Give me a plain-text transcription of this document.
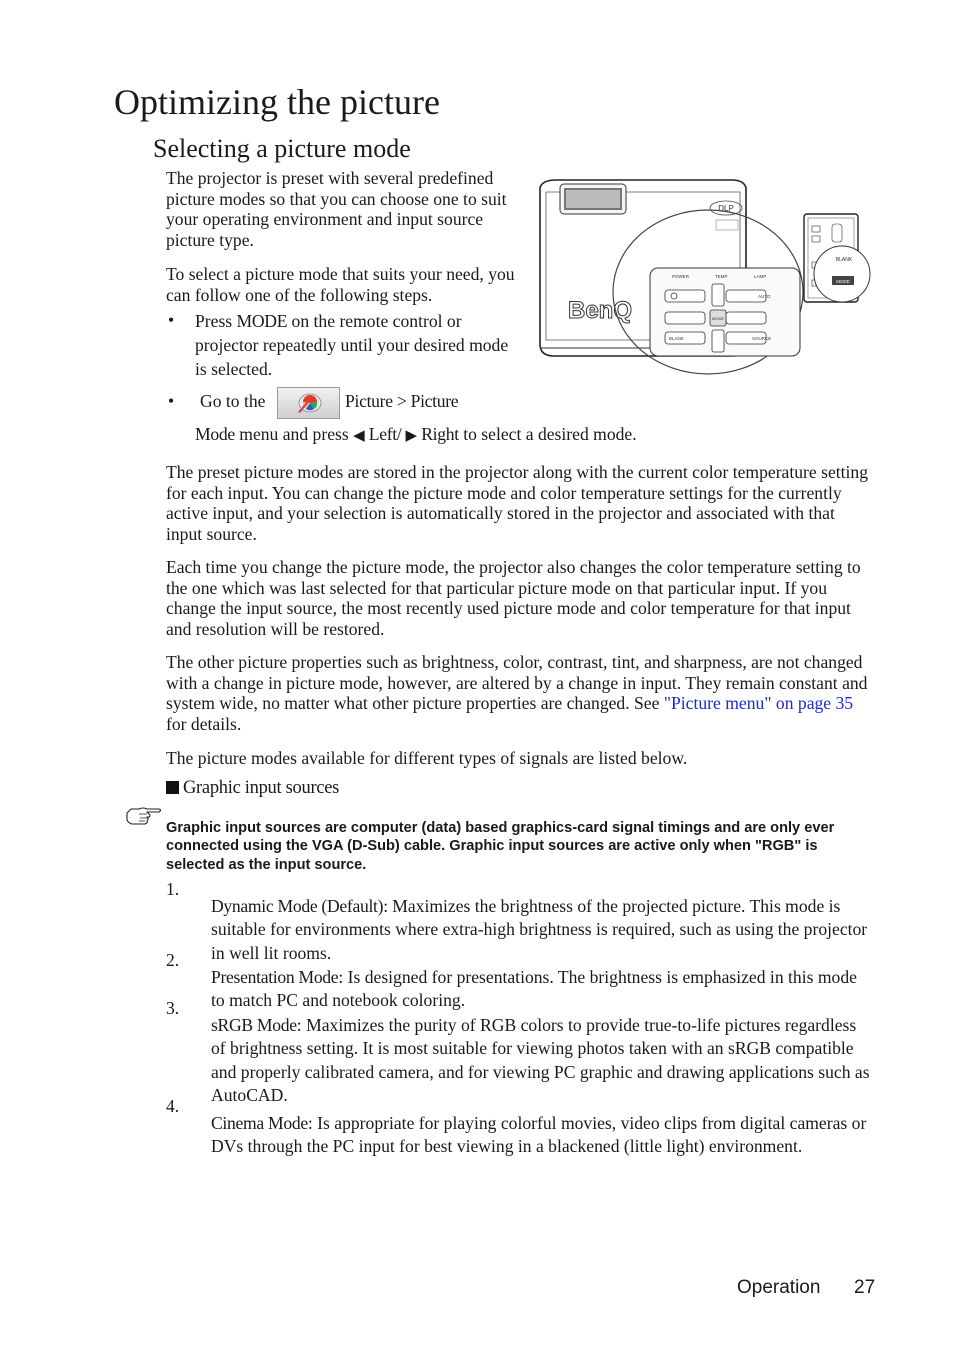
Optimizing the picture
Selecting a picture mode

The projector is preset with several predefined picture modes so that you can choose one to suit your operating environment and input source picture type.

To select a picture mode that suits your need, you can follow one of the following steps.

• Press MODE on the remote control or projector repeatedly until your desired mode is selected.

• Go to the	Picture > Picture

Mode menu and press ◀ Left/ ▶ Right to select a desired mode.

DLP
BenQ
POWER	TEMP	LAMP
AUTO
MODE
BLANK	SOURCE
BLANK
MODE

The preset picture modes are stored in the projector along with the current color temperature setting for each input. You can change the picture mode and color temperature settings for the currently active input, and your selection is automatically stored in the projector and associated with that input source.

Each time you change the picture mode, the projector also changes the color temperature setting to the one which was last selected for that particular picture mode on that particular input. If you change the input source, the most recently used picture mode and color temperature for that input and resolution will be restored.

The other picture properties such as brightness, color, contrast, tint, and sharpness, are not changed with a change in picture mode, however, are altered by a change in input. They remain constant and system wide, no matter what other picture properties are changed. See "Picture menu" on page 35 for details.

The picture modes available for different types of signals are listed below.

Graphic input sources

Graphic input sources are computer (data) based graphics-card signal timings and are only ever connected using the VGA (D-Sub) cable. Graphic input sources are active only when "RGB" is selected as the input source.

1.

Dynamic Mode (Default): Maximizes the brightness of the projected picture. This mode is suitable for environments where extra-high brightness is required, such as using the projector in well lit rooms.

2.

Presentation Mode: Is designed for presentations. The brightness is emphasized in this mode to match PC and notebook coloring.

3.

sRGB Mode: Maximizes the purity of RGB colors to provide true-to-life pictures regardless of brightness setting. It is most suitable for viewing photos taken with an sRGB compatible and properly calibrated camera, and for viewing PC graphic and drawing applications such as AutoCAD.

4.

Cinema Mode: Is appropriate for playing colorful movies, video clips from digital cameras or DVs through the PC input for best viewing in a blackened (little light) environment.

Operation 27
